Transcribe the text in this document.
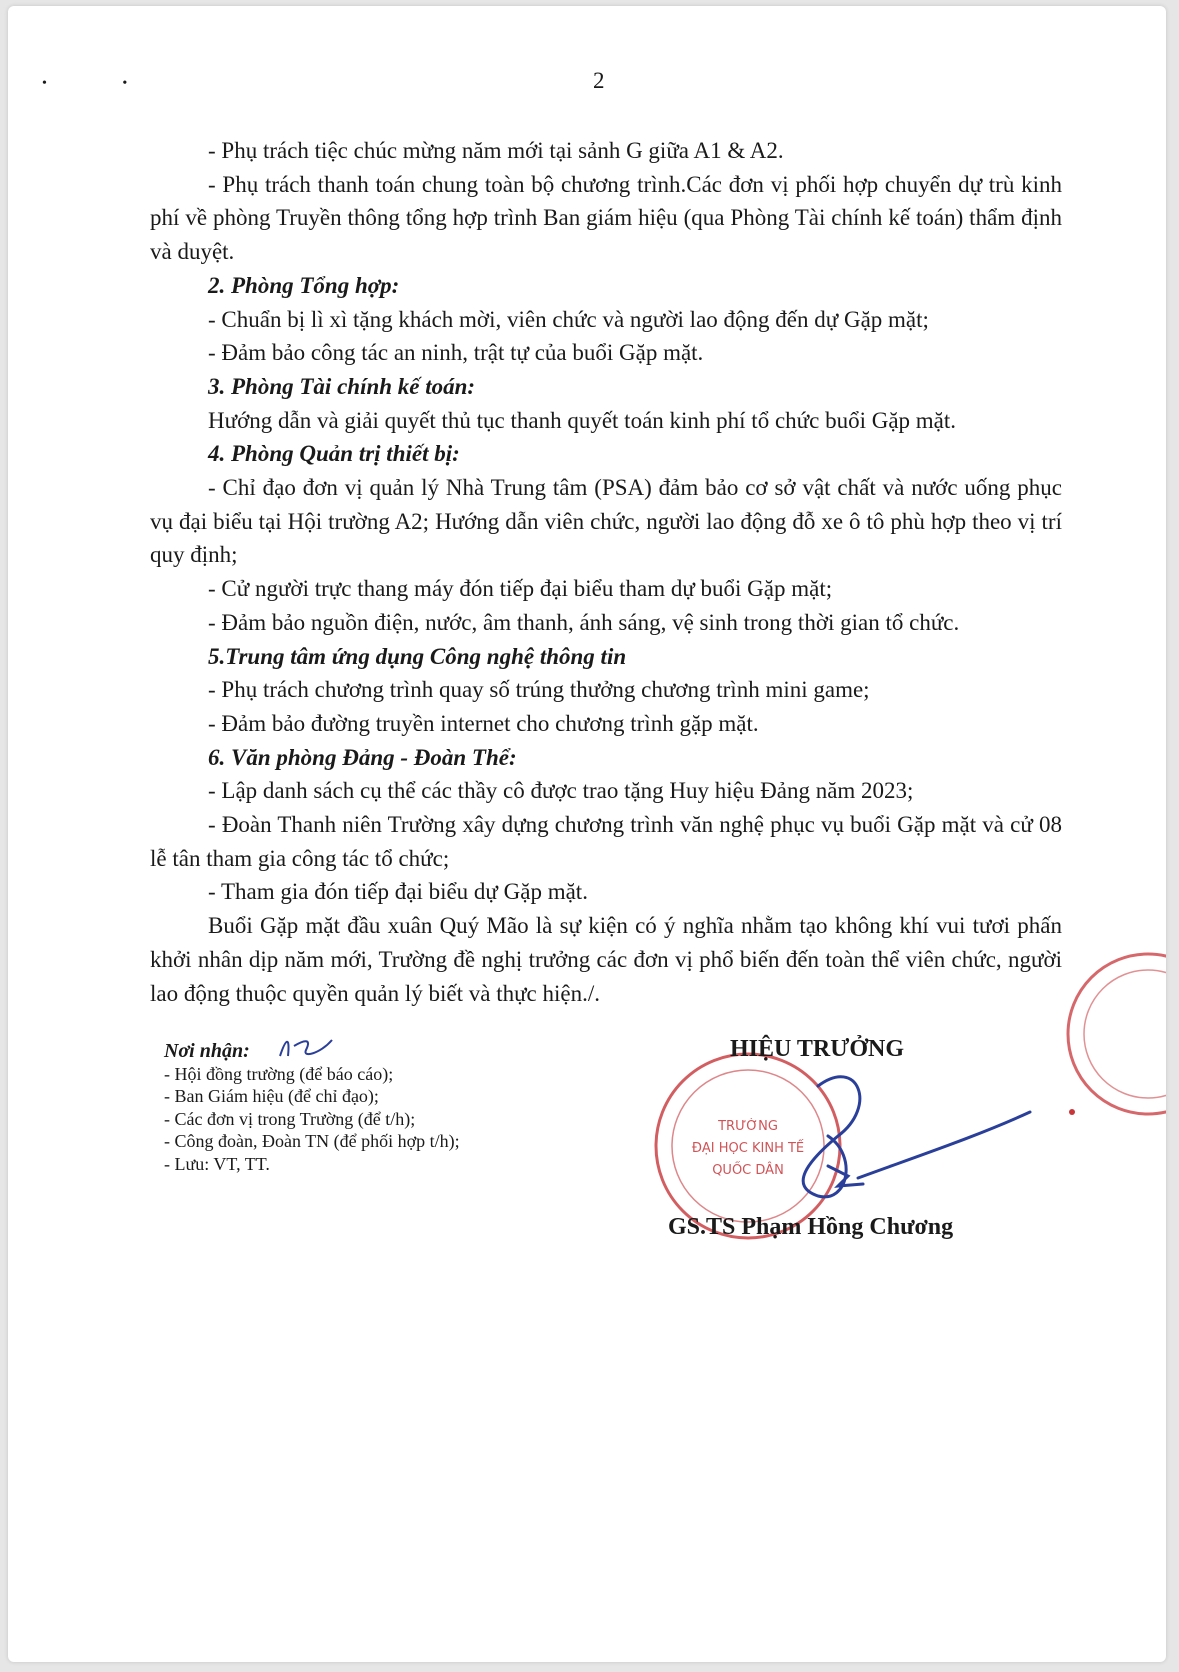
• •	2

- Phụ trách tiệc chúc mừng năm mới tại sảnh G giữa A1 & A2.

- Phụ trách thanh toán chung toàn bộ chương trình.Các đơn vị phối hợp chuyển dự trù kinh phí về phòng Truyền thông tổng hợp trình Ban giám hiệu (qua Phòng Tài chính kế toán) thẩm định và duyệt.

2. Phòng Tổng hợp:

- Chuẩn bị lì xì tặng khách mời, viên chức và người lao động đến dự Gặp mặt;

- Đảm bảo công tác an ninh, trật tự của buổi Gặp mặt.

3. Phòng Tài chính kế toán:

Hướng dẫn và giải quyết thủ tục thanh quyết toán kinh phí tổ chức buổi Gặp mặt.

4. Phòng Quản trị thiết bị:

- Chỉ đạo đơn vị quản lý Nhà Trung tâm (PSA) đảm bảo cơ sở vật chất và nước uống phục vụ đại biểu tại Hội trường A2; Hướng dẫn viên chức, người lao động đỗ xe ô tô phù hợp theo vị trí quy định;

- Cử người trực thang máy đón tiếp đại biểu tham dự buổi Gặp mặt;

- Đảm bảo nguồn điện, nước, âm thanh, ánh sáng, vệ sinh trong thời gian tổ chức.

5.Trung tâm ứng dụng Công nghệ thông tin

- Phụ trách chương trình quay số trúng thưởng chương trình mini game;

- Đảm bảo đường truyền internet cho chương trình gặp mặt.

6. Văn phòng Đảng - Đoàn Thể:

- Lập danh sách cụ thể các thầy cô được trao tặng Huy hiệu Đảng năm 2023;

- Đoàn Thanh niên Trường xây dựng chương trình văn nghệ phục vụ buổi Gặp mặt và cử 08 lễ tân tham gia công tác tổ chức;

- Tham gia đón tiếp đại biểu dự Gặp mặt.

Buổi Gặp mặt đầu xuân Quý Mão là sự kiện có ý nghĩa nhằm tạo không khí vui tươi phấn khởi nhân dịp năm mới, Trường đề nghị trưởng các đơn vị phổ biến đến toàn thể viên chức, người lao động thuộc quyền quản lý biết và thực hiện./.

Nơi nhận:
- Hội đồng trường (để báo cáo);
- Ban Giám hiệu (để chỉ đạo);
- Các đơn vị trong Trường (để t/h);
- Công đoàn, Đoàn TN (để phối hợp t/h);
- Lưu: VT, TT.
TRƯỜNG
ĐẠI HỌC KINH TẾ
QUỐC DÂN
HIỆU TRƯỞNG
GS.TS Phạm Hồng Chương
